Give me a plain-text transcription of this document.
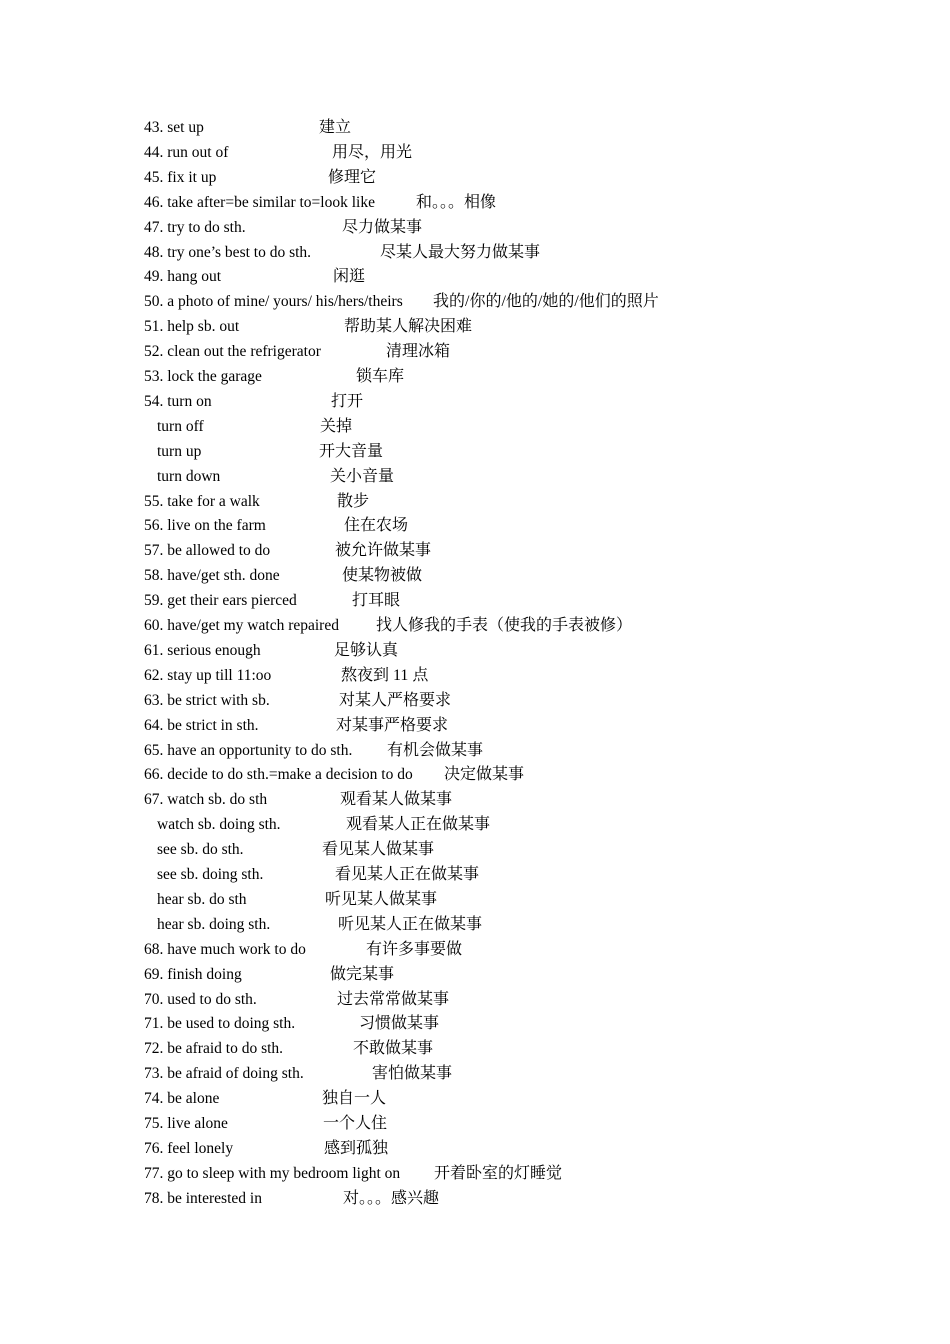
43. set up	建立
44. run out of	用尽，用光
45. fix it up	修理它
46. take after=be similar to=look like	和。。。相像
47. try to do sth.	尽力做某事
48. try one’s best to do sth.	尽某人最大努力做某事
49. hang out	闲逛
50. a photo of mine/ yours/ his/hers/theirs 我的/你的/他的/她的/他们的照片
51. help sb. out	帮助某人解决困难
52. clean out the refrigerator	清理冰箱
53. lock the garage	锁车库
54. turn on	打开
turn off	关掉
turn up	开大音量
turn down	关小音量
55. take for a walk	散步
56. live on the farm	住在农场
57. be allowed to do	被允许做某事
58. have/get sth. done	使某物被做
59. get their ears pierced	打耳眼
60. have/get my watch repaired 找人修我的手表（使我的手表被修）
61. serious enough	足够认真
62. stay up till 11:oo	熬夜到 11 点
63. be strict with sb.	对某人严格要求
64. be strict in sth.	对某事严格要求
65. have an opportunity to do sth. 有机会做某事
66. decide to do sth.=make a decision to do 决定做某事
67. watch sb. do sth	观看某人做某事
watch sb. doing sth.	观看某人正在做某事
see sb. do sth.	看见某人做某事
see sb. doing sth.	看见某人正在做某事
hear sb. do sth	听见某人做某事
hear sb. doing sth.	听见某人正在做某事
68. have much work to do	有许多事要做
69. finish doing	做完某事
70. used to do sth.	过去常常做某事
71. be used to doing sth.	习惯做某事
72. be afraid to do sth.	不敢做某事
73. be afraid of doing sth.	害怕做某事
74. be alone	独自一人
75. live alone	一个人住
76. feel lonely	感到孤独
77. go to sleep with my bedroom light on 开着卧室的灯睡觉
78. be interested in	对。。。感兴趣
